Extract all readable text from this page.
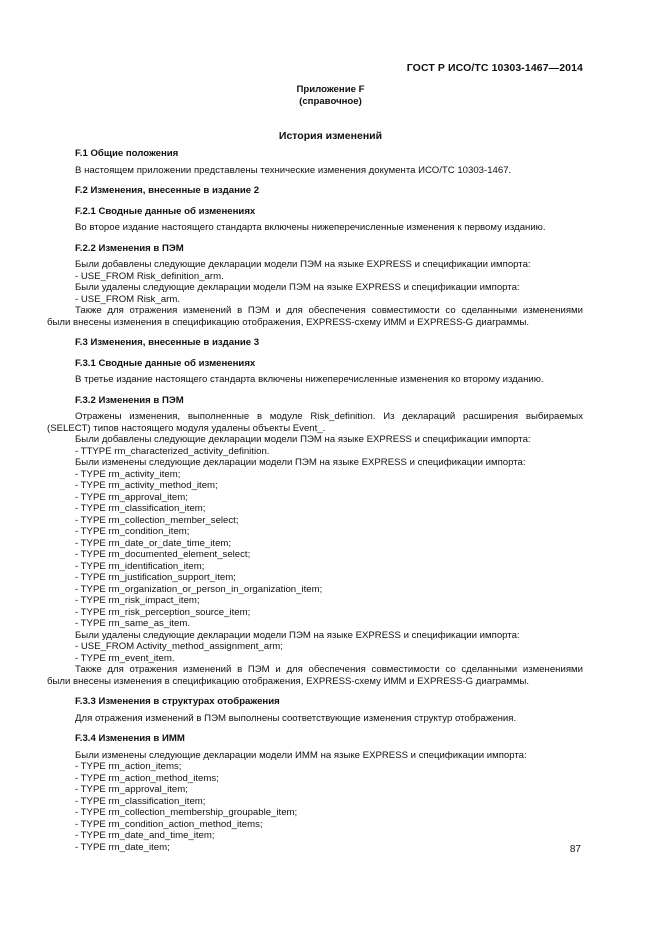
ГОСТ Р ИСО/ТС 10303-1467—2014
Приложение F
(справочное)
История изменений

F.1 Общие положения

В настоящем приложении представлены технические изменения документа ИСО/ТС 10303-1467.

F.2 Изменения, внесенные в издание 2

F.2.1 Сводные данные об изменениях

Во второе издание настоящего стандарта включены нижеперечисленные изменения к первому изданию.

F.2.2 Изменения в ПЭМ

Были добавлены следующие декларации модели ПЭМ на языке EXPRESS и спецификации импорта:

- USE_FROM Risk_definition_arm.

Были удалены следующие декларации модели ПЭМ на языке EXPRESS и спецификации импорта:

- USE_FROM Risk_arm.

Также для отражения изменений в ПЭМ и для обеспечения совместимости со сделанными изменениями

были внесены изменения в спецификацию отображения, EXPRESS-схему ИММ и EXPRESS-G диаграммы.

F.3 Изменения, внесенные в издание 3

F.3.1 Сводные данные об изменениях

В третье издание настоящего стандарта включены нижеперечисленные изменения ко второму изданию.

F.3.2 Изменения в ПЭМ

Отражены изменения, выполненные в модуле Risk_definition. Из деклараций расширения выбираемых

(SELECT) типов настоящего модуля удалены объекты Event_.

Были добавлены следующие декларации модели ПЭМ на языке EXPRESS и спецификации импорта:

- TTYPE rm_characterized_activity_definition.

Были изменены следующие декларации модели ПЭМ на языке EXPRESS и спецификации импорта:

- TYPE rm_activity_item;

- TYPE rm_activity_method_item;

- TYPE rm_approval_item;

- TYPE rm_classification_item;

- TYPE rm_collection_member_select;

- TYPE rm_condition_item;

- TYPE rm_date_or_date_time_item;

- TYPE rm_documented_element_select;

- TYPE rm_identification_item;

- TYPE rm_justification_support_item;

- TYPE rm_organization_or_person_in_organization_item;

- TYPE rm_risk_impact_item;

- TYPE rm_risk_perception_source_item;

- TYPE rm_same_as_item.

Были удалены следующие декларации модели ПЭМ на языке EXPRESS и спецификации импорта:

- USE_FROM Activity_method_assignment_arm;

- TYPE rm_event_item.

Также для отражения изменений в ПЭМ и для обеспечения совместимости со сделанными изменениями

были внесены изменения в спецификацию отображения, EXPRESS-схему ИММ и EXPRESS-G диаграммы.

F.3.3 Изменения в структурах отображения

Для отражения изменений в ПЭМ выполнены соответствующие изменения структур отображения.

F.3.4 Изменения в ИММ

Были изменены следующие декларации модели ИММ на языке EXPRESS и спецификации импорта:

- TYPE rm_action_items;

- TYPE rm_action_method_items;

- TYPE rm_approval_item;

- TYPE rm_classification_item;

- TYPE rm_collection_membership_groupable_item;

- TYPE rm_condition_action_method_items;

- TYPE rm_date_and_time_item;

- TYPE rm_date_item;	87
